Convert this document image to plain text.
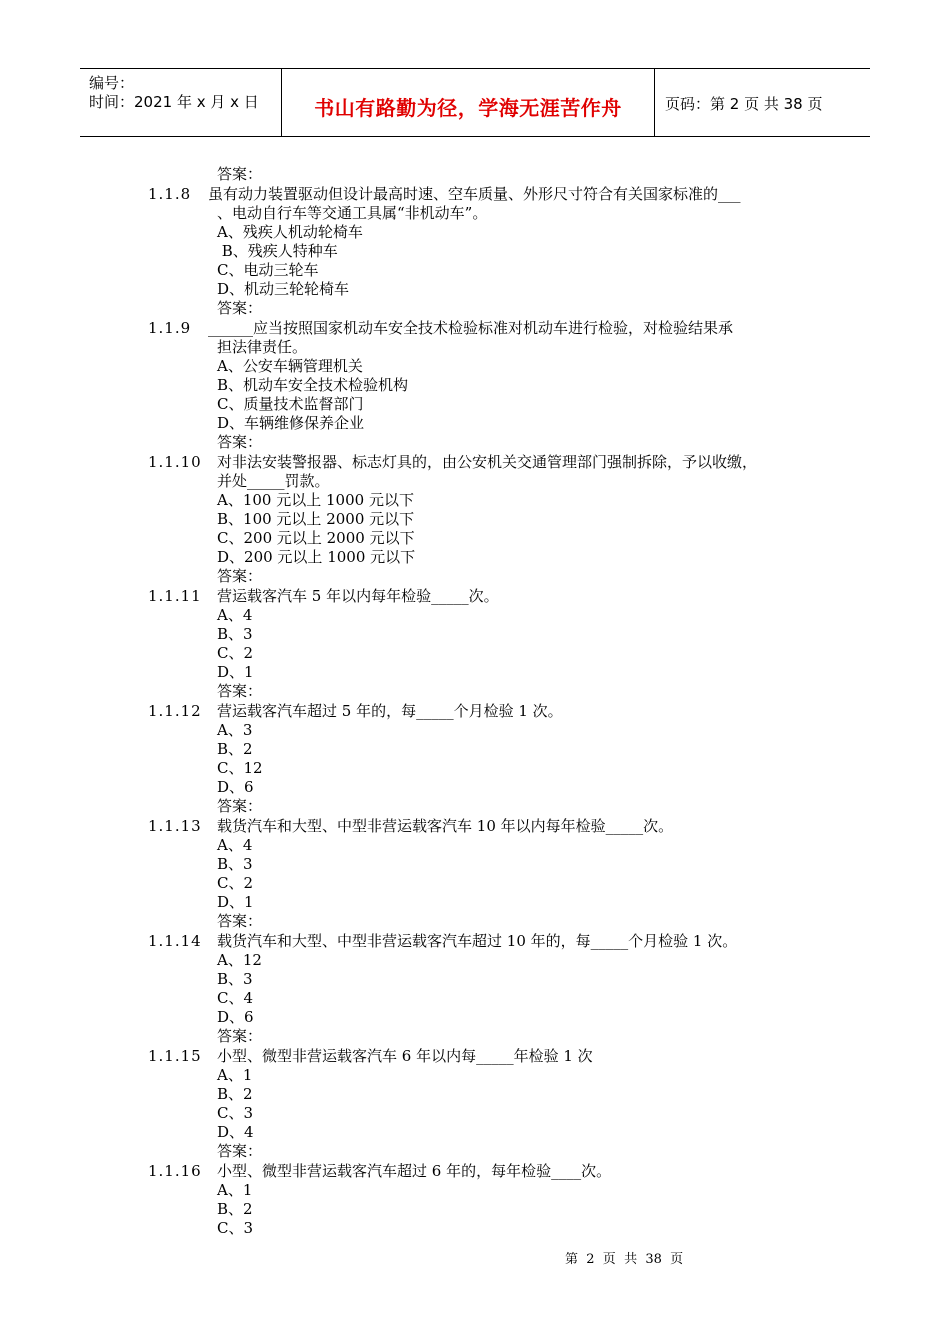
编号：
时间：2021 年 x 月 x 日	书山有路勤为径，学海无涯苦作舟	页码：第 2 页 共 38 页
答案：
1.1.8 虽有动力装置驱动但设计最高时速、空车质量、外形尺寸符合有关国家标准的___
、电动自行车等交通工具属“非机动车”。
A、残疾人机动轮椅车
B、残疾人特种车
C、电动三轮车
D、机动三轮轮椅车
答案：
1.1.9 ______应当按照国家机动车安全技术检验标准对机动车进行检验，对检验结果承
担法律责任。
A、公安车辆管理机关
B、机动车安全技术检验机构
C、质量技术监督部门
D、车辆维修保养企业
答案：
1.1.10 对非法安装警报器、标志灯具的，由公安机关交通管理部门强制拆除，予以收缴，
并处_____罚款。
A、100 元以上 1000 元以下
B、100 元以上 2000 元以下
C、200 元以上 2000 元以下
D、200 元以上 1000 元以下
答案：
1.1.11 营运载客汽车 5 年以内每年检验_____次。
A、4
B、3
C、2
D、1
答案：
1.1.12 营运载客汽车超过 5 年的，每_____个月检验 1 次。
A、3
B、2
C、12
D、6
答案：
1.1.13 载货汽车和大型、中型非营运载客汽车 10 年以内每年检验_____次。
A、4
B、3
C、2
D、1
答案：
1.1.14 载货汽车和大型、中型非营运载客汽车超过 10 年的，每_____个月检验 1 次。
A、12
B、3
C、4
D、6
答案：
1.1.15 小型、微型非营运载客汽车 6 年以内每_____年检验 1 次
A、1
B、2
C、3
D、4
答案：
1.1.16 小型、微型非营运载客汽车超过 6 年的，每年检验____次。
A、1
B、2
C、3
第  2  页  共  38  页
